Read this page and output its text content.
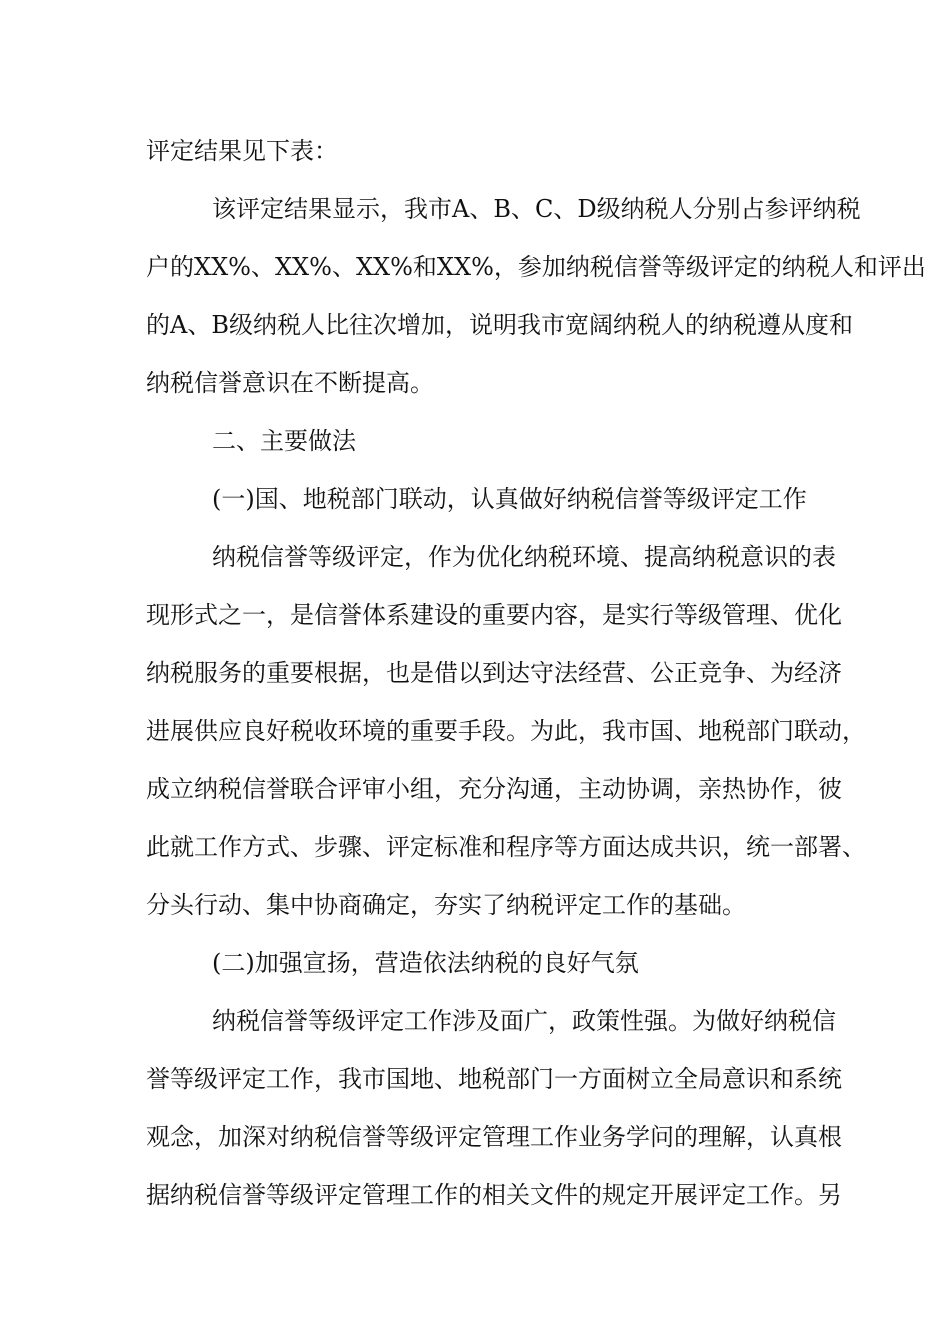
评定结果见下表：
该评定结果显示，我市A、B、C、D级纳税人分别占参评纳税
户的XX%、XX%、XX%和XX%，参加纳税信誉等级评定的纳税人和评出
的A、B级纳税人比往次增加，说明我市宽阔纳税人的纳税遵从度和
纳税信誉意识在不断提高。
二、主要做法
(一)国、地税部门联动，认真做好纳税信誉等级评定工作
纳税信誉等级评定，作为优化纳税环境、提高纳税意识的表
现形式之一，是信誉体系建设的重要内容，是实行等级管理、优化
纳税服务的重要根据，也是借以到达守法经营、公正竞争、为经济
进展供应良好税收环境的重要手段。为此，我市国、地税部门联动，
成立纳税信誉联合评审小组，充分沟通，主动协调，亲热协作，彼
此就工作方式、步骤、评定标准和程序等方面达成共识，统一部署、
分头行动、集中协商确定，夯实了纳税评定工作的基础。
(二)加强宣扬，营造依法纳税的良好气氛
纳税信誉等级评定工作涉及面广，政策性强。为做好纳税信
誉等级评定工作，我市国地、地税部门一方面树立全局意识和系统
观念，加深对纳税信誉等级评定管理工作业务学问的理解，认真根
据纳税信誉等级评定管理工作的相关文件的规定开展评定工作。另
